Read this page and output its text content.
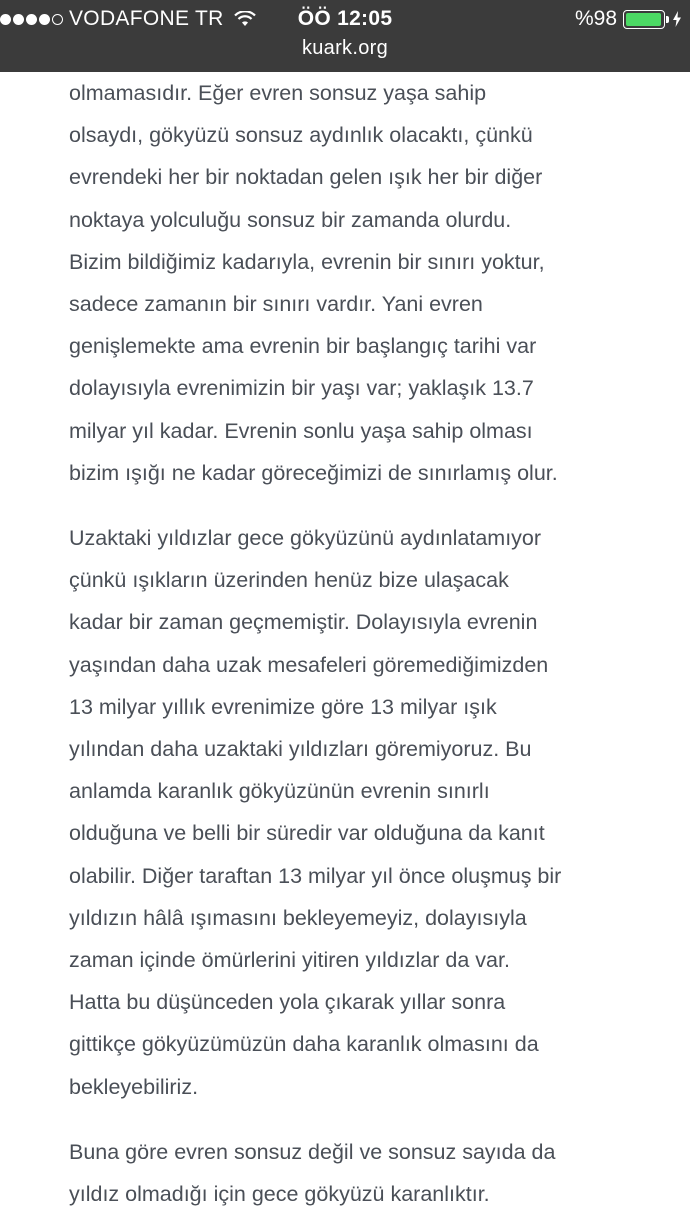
VODAFONE TR	ÖÖ 12:05	%98
kuark.org

olmamasıdır. Eğer evren sonsuz yaşa sahip
olsaydı, gökyüzü sonsuz aydınlık olacaktı, çünkü
evrendeki her bir noktadan gelen ışık her bir diğer
noktaya yolculuğu sonsuz bir zamanda olurdu.
Bizim bildiğimiz kadarıyla, evrenin bir sınırı yoktur,
sadece zamanın bir sınırı vardır. Yani evren
genişlemekte ama evrenin bir başlangıç tarihi var
dolayısıyla evrenimizin bir yaşı var; yaklaşık 13.7
milyar yıl kadar. Evrenin sonlu yaşa sahip olması
bizim ışığı ne kadar göreceğimizi de sınırlamış olur.

Uzaktaki yıldızlar gece gökyüzünü aydınlatamıyor
çünkü ışıkların üzerinden henüz bize ulaşacak
kadar bir zaman geçmemiştir. Dolayısıyla evrenin
yaşından daha uzak mesafeleri göremediğimizden
13 milyar yıllık evrenimize göre 13 milyar ışık
yılından daha uzaktaki yıldızları göremiyoruz. Bu
anlamda karanlık gökyüzünün evrenin sınırlı
olduğuna ve belli bir süredir var olduğuna da kanıt
olabilir. Diğer taraftan 13 milyar yıl önce oluşmuş bir
yıldızın hâlâ ışımasını bekleyemeyiz, dolayısıyla
zaman içinde ömürlerini yitiren yıldızlar da var.
Hatta bu düşünceden yola çıkarak yıllar sonra
gittikçe gökyüzümüzün daha karanlık olmasını da
bekleyebiliriz.

Buna göre evren sonsuz değil ve sonsuz sayıda da
yıldız olmadığı için gece gökyüzü karanlıktır.
